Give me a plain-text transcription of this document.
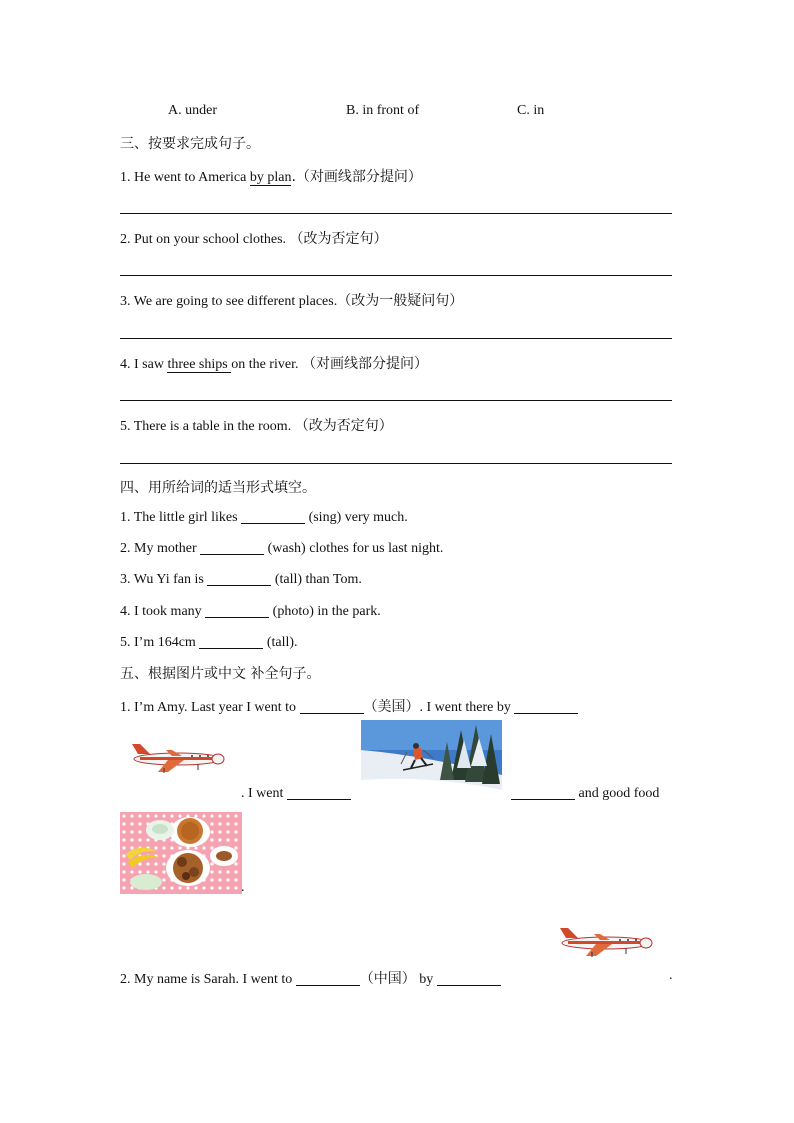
A. under	B. in front of	C. in
三、按要求完成句子。
1. He went to America by plan.（对画线部分提问）
2. Put on your school clothes. （改为否定句）
3. We are going to see different places.（改为一般疑问句）
4. I saw three ships on the river. （对画线部分提问）
5. There is a table in the room. （改为否定句）
四、用所给词的适当形式填空。
1. The little girl likes	(sing) very much.
2. My mother	(wash) clothes for us last night.
3. Wu Yi fan is	(tall) than Tom.
4. I took many	(photo) in the park.
5. I’m 164cm	(tall).
五、根据图片或中文 补全句子。
1. I’m Amy. Last year I went to	（美国）. I went there by
. I went	and good food
.
2. My name is Sarah. I went to	（中国） by	.
